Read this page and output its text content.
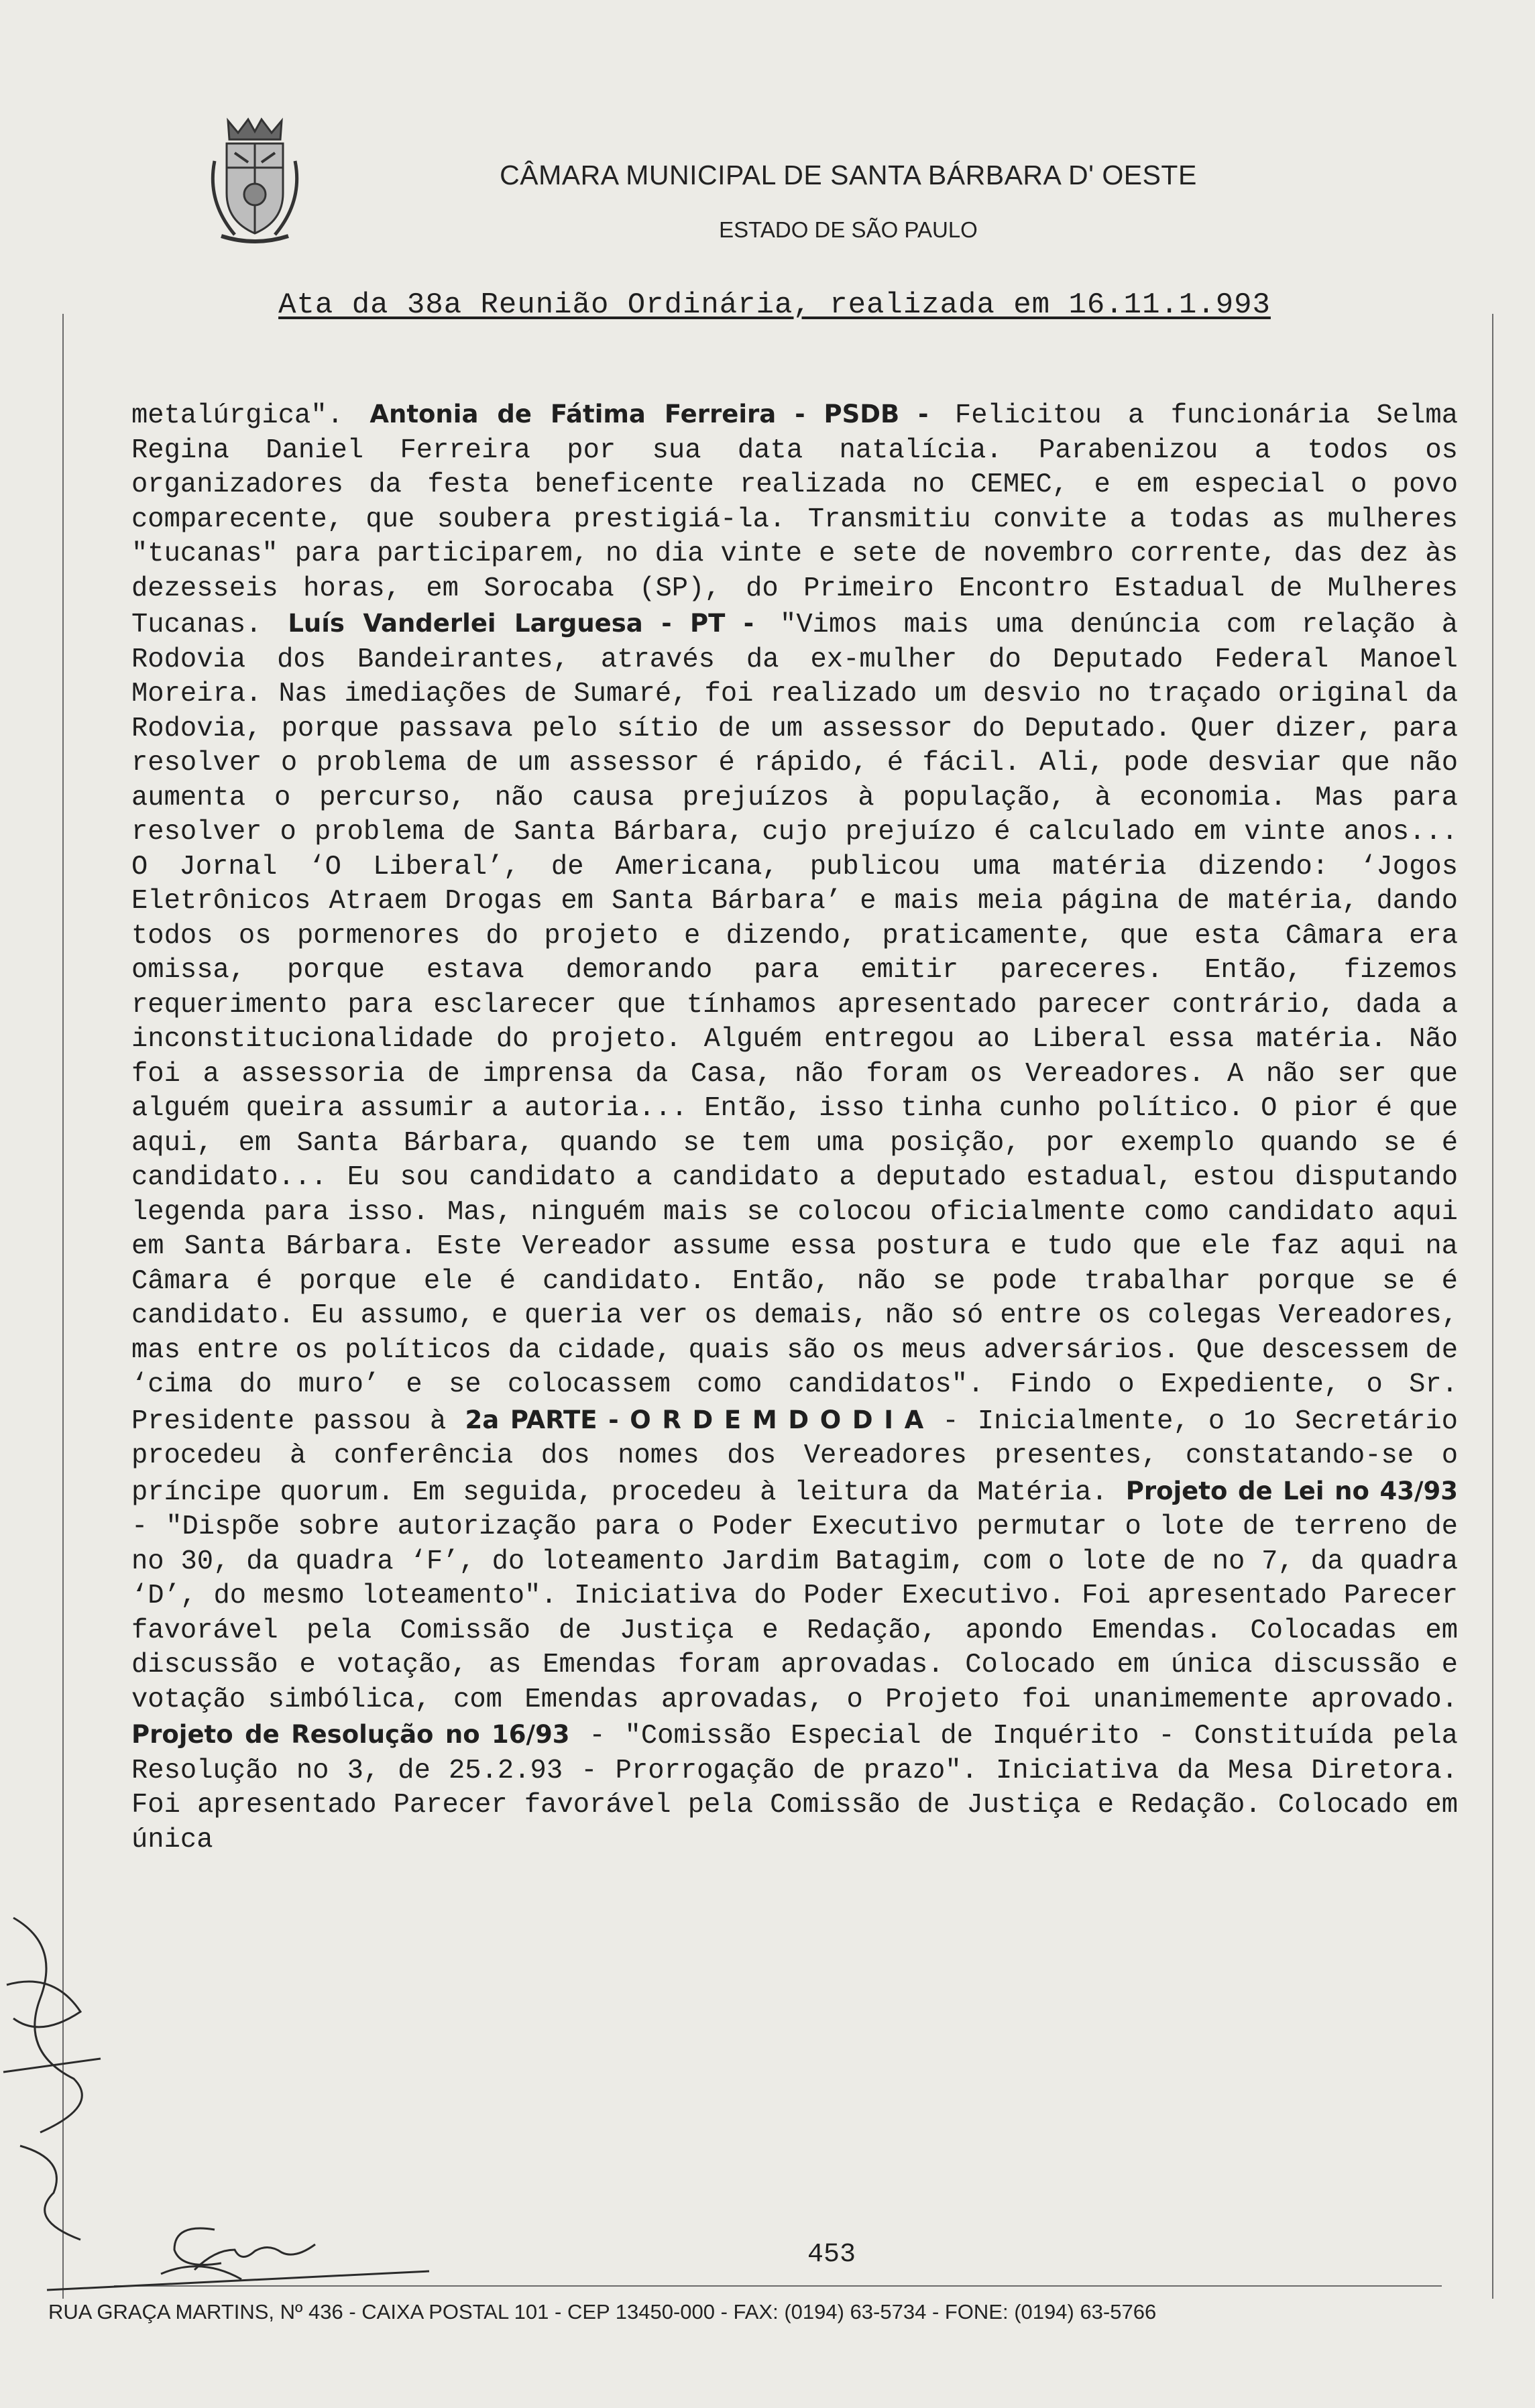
CÂMARA MUNICIPAL DE SANTA BÁRBARA D' OESTE
ESTADO DE SÃO PAULO
Ata da 38a Reunião Ordinária, realizada em 16.11.1.993
metalúrgica". Antonia de Fátima Ferreira - PSDB - Felicitou a funcionária Selma Regina Daniel Ferreira por sua data natalícia. Parabenizou a todos os organizadores da festa beneficente realizada no CEMEC, e em especial o povo comparecente, que soubera prestigiá-la. Transmitiu convite a todas as mulheres "tucanas" para participarem, no dia vinte e sete de novembro corrente, das dez às dezesseis horas, em Sorocaba (SP), do Primeiro Encontro Estadual de Mulheres Tucanas. Luís Vanderlei Larguesa - PT - "Vimos mais uma denúncia com relação à Rodovia dos Bandeirantes, através da ex-mulher do Deputado Federal Manoel Moreira. Nas imediações de Sumaré, foi realizado um desvio no traçado original da Rodovia, porque passava pelo sítio de um assessor do Deputado. Quer dizer, para resolver o problema de um assessor é rápido, é fácil. Ali, pode desviar que não aumenta o percurso, não causa prejuízos à população, à economia. Mas para resolver o problema de Santa Bárbara, cujo prejuízo é calculado em vinte anos... O Jornal ‘O Liberal’, de Americana, publicou uma matéria dizendo: ‘Jogos Eletrônicos Atraem Drogas em Santa Bárbara’ e mais meia página de matéria, dando todos os pormenores do projeto e dizendo, praticamente, que esta Câmara era omissa, porque estava demorando para emitir pareceres. Então, fizemos requerimento para esclarecer que tínhamos apresentado parecer contrário, dada a inconstitucionalidade do projeto. Alguém entregou ao Liberal essa matéria. Não foi a assessoria de imprensa da Casa, não foram os Vereadores. A não ser que alguém queira assumir a autoria... Então, isso tinha cunho político. O pior é que aqui, em Santa Bárbara, quando se tem uma posição, por exemplo quando se é candidato... Eu sou candidato a candidato a deputado estadual, estou disputando legenda para isso. Mas, ninguém mais se colocou oficialmente como candidato aqui em Santa Bárbara. Este Vereador assume essa postura e tudo que ele faz aqui na Câmara é porque ele é candidato. Então, não se pode trabalhar porque se é candidato. Eu assumo, e queria ver os demais, não só entre os colegas Vereadores, mas entre os políticos da cidade, quais são os meus adversários. Que descessem de ‘cima do muro’ e se colocassem como candidatos". Findo o Expediente, o Sr. Presidente passou à 2a PARTE - O R D E M D O D I A - Inicialmente, o 1o Secretário procedeu à conferência dos nomes dos Vereadores presentes, constatando-se o príncipe quorum. Em seguida, procedeu à leitura da Matéria. Projeto de Lei no 43/93 - "Dispõe sobre autorização para o Poder Executivo permutar o lote de terreno de no 30, da quadra ‘F’, do loteamento Jardim Batagim, com o lote de no 7, da quadra ‘D’, do mesmo loteamento". Iniciativa do Poder Executivo. Foi apresentado Parecer favorável pela Comissão de Justiça e Redação, apondo Emendas. Colocadas em discussão e votação, as Emendas foram aprovadas. Colocado em única discussão e votação simbólica, com Emendas aprovadas, o Projeto foi unanimemente aprovado. Projeto de Resolução no 16/93 - "Comissão Especial de Inquérito - Constituída pela Resolução no 3, de 25.2.93 - Prorrogação de prazo". Iniciativa da Mesa Diretora. Foi apresentado Parecer favorável pela Comissão de Justiça e Redação. Colocado em única
453
RUA GRAÇA MARTINS, Nº 436 - CAIXA POSTAL 101 - CEP 13450-000 - FAX: (0194) 63-5734 - FONE: (0194) 63-5766
